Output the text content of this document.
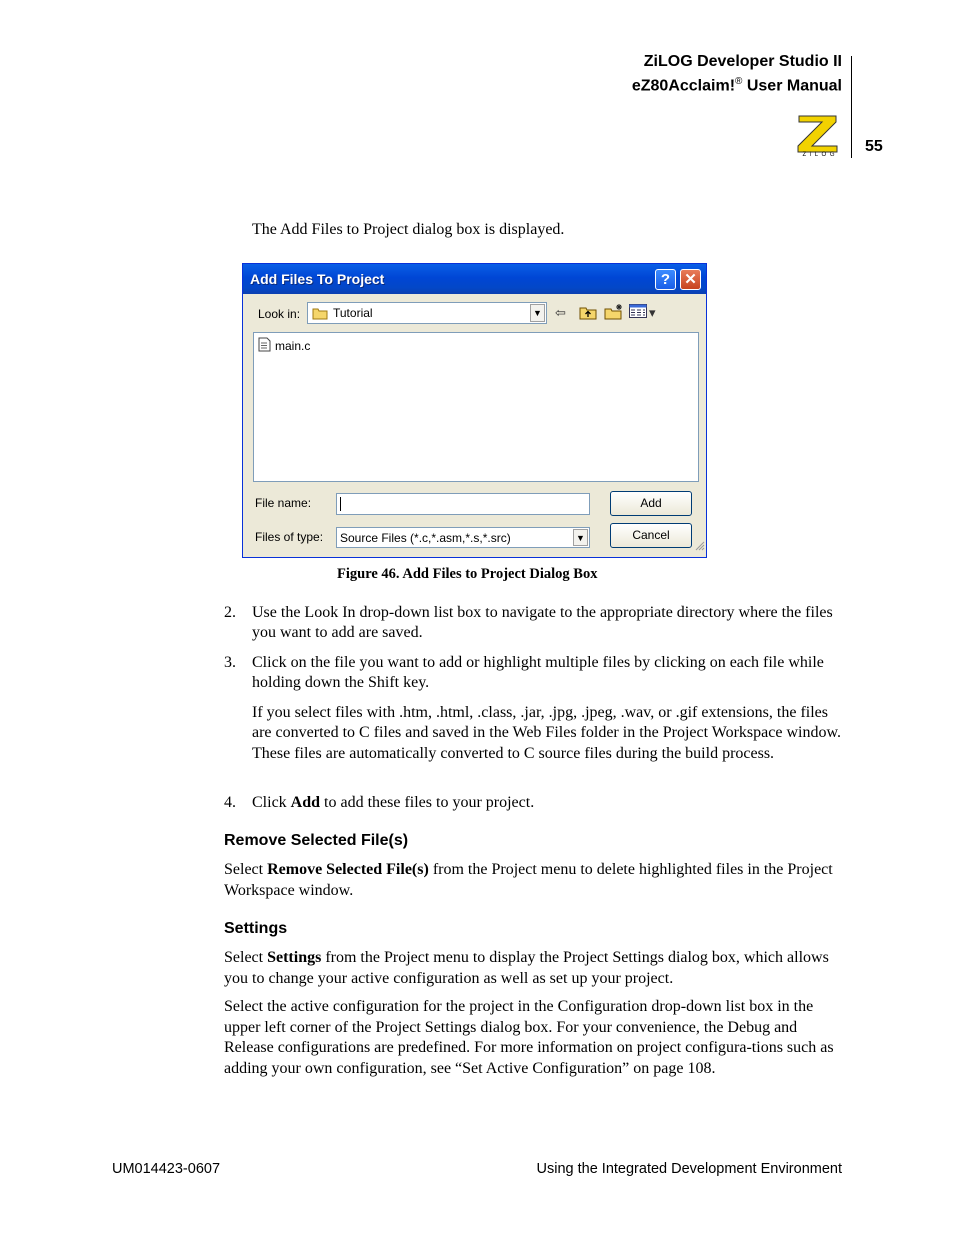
ZiLOG Developer Studio II
eZ80Acclaim!® User Manual
55
Z i L O G
The Add Files to Project dialog box is displayed.
Add Files To Project	? ✕
Look in:	Tutorial	▼ ⇦	▾
main.c
File name:	Add
Files of type: Source Files (*.c,*.asm,*.s,*.src)	▼	Cancel
Figure 46. Add Files to Project Dialog Box
2. Use the Look In drop-down list box to navigate to the appropriate directory where the files you want to add are saved.
3. Click on the file you want to add or highlight multiple files by clicking on each file while holding down the Shift key.
If you select files with .htm, .html, .class, .jar, .jpg, .jpeg, .wav, or .gif extensions, the files are converted to C files and saved in the Web Files folder in the Project Workspace window. These files are automatically converted to C source files during the build process.
4. Click Add to add these files to your project.
Remove Selected File(s)
Select Remove Selected File(s) from the Project menu to delete highlighted files in the Project Workspace window.
Settings
Select Settings from the Project menu to display the Project Settings dialog box, which allows you to change your active configuration as well as set up your project.
Select the active configuration for the project in the Configuration drop-down list box in the upper left corner of the Project Settings dialog box. For your convenience, the Debug and Release configurations are predefined. For more information on project configura-tions such as adding your own configuration, see “Set Active Configuration” on page 108.
UM014423-0607	Using the Integrated Development Environment
